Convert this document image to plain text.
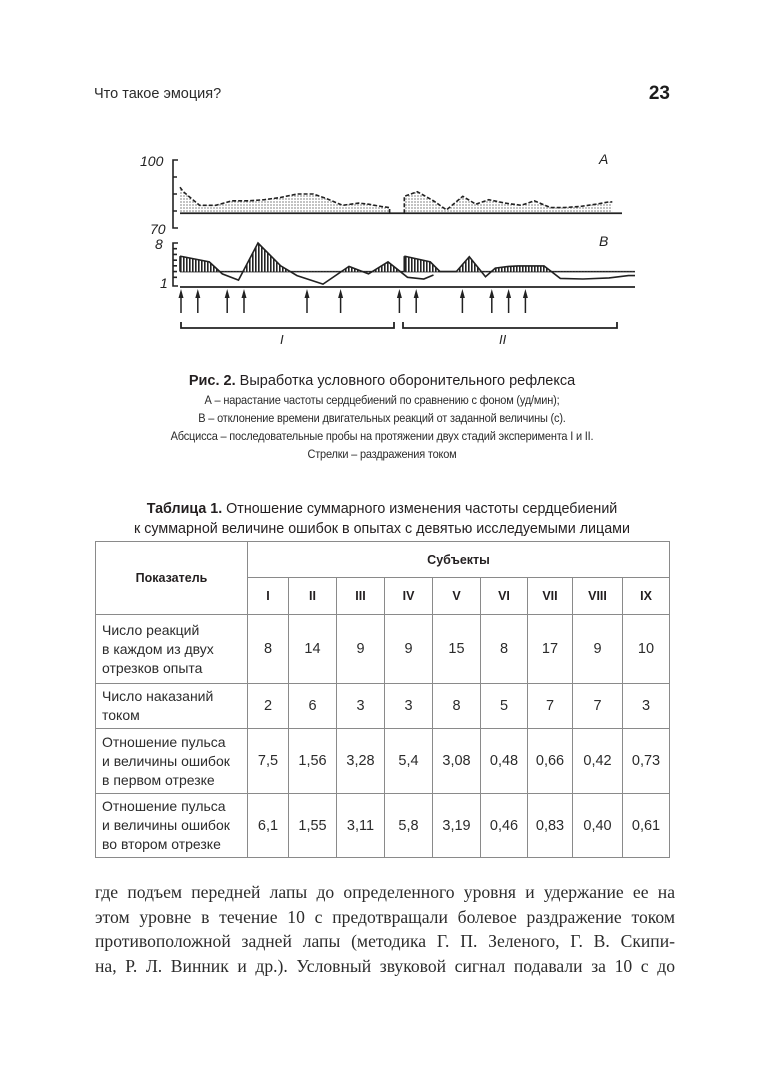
Что такое эмоция?	23
100
70
A
8
1
B
I	II
Рис. 2. Выработка условного оборонительного рефлекса
А – нарастание частоты сердцебиений по сравнению с фоном (уд/мин);
В – отклонение времени двигательных реакций от заданной величины (с).
Абсцисса – последовательные пробы на протяжении двух стадий эксперимента I и II.
Стрелки – раздражения током
Таблица 1. Отношение суммарного изменения частоты сердцебиений
к суммарной величине ошибок в опытах с девятью исследуемыми лицами
Показатель	Субъекты								
	I	II	III	IV	V	VI	VII	VIII	IX

Число реакций
в каждом из двух
отрезков опыта	8	14	9	9	15	8	17	9	10

Число наказаний
током	2	6	3	3	8	5	7	7	3

Отношение пульса
и величины ошибок
в первом отрезке	7,5	1,56	3,28	5,4	3,08	0,48	0,66	0,42	0,73

Отношение пульса
и величины ошибок
во втором отрезке	6,1	1,55	3,11	5,8	3,19	0,46	0,83	0,40	0,61
где подъем передней лапы до определенного уровня и удержание ее на
этом уровне в течение 10 с предотвращали болевое раздражение током
противоположной задней лапы (методика Г. П. Зеленого, Г. В. Скипи-
на, Р. Л. Винник и др.). Условный звуковой сигнал подавали за 10 с до
